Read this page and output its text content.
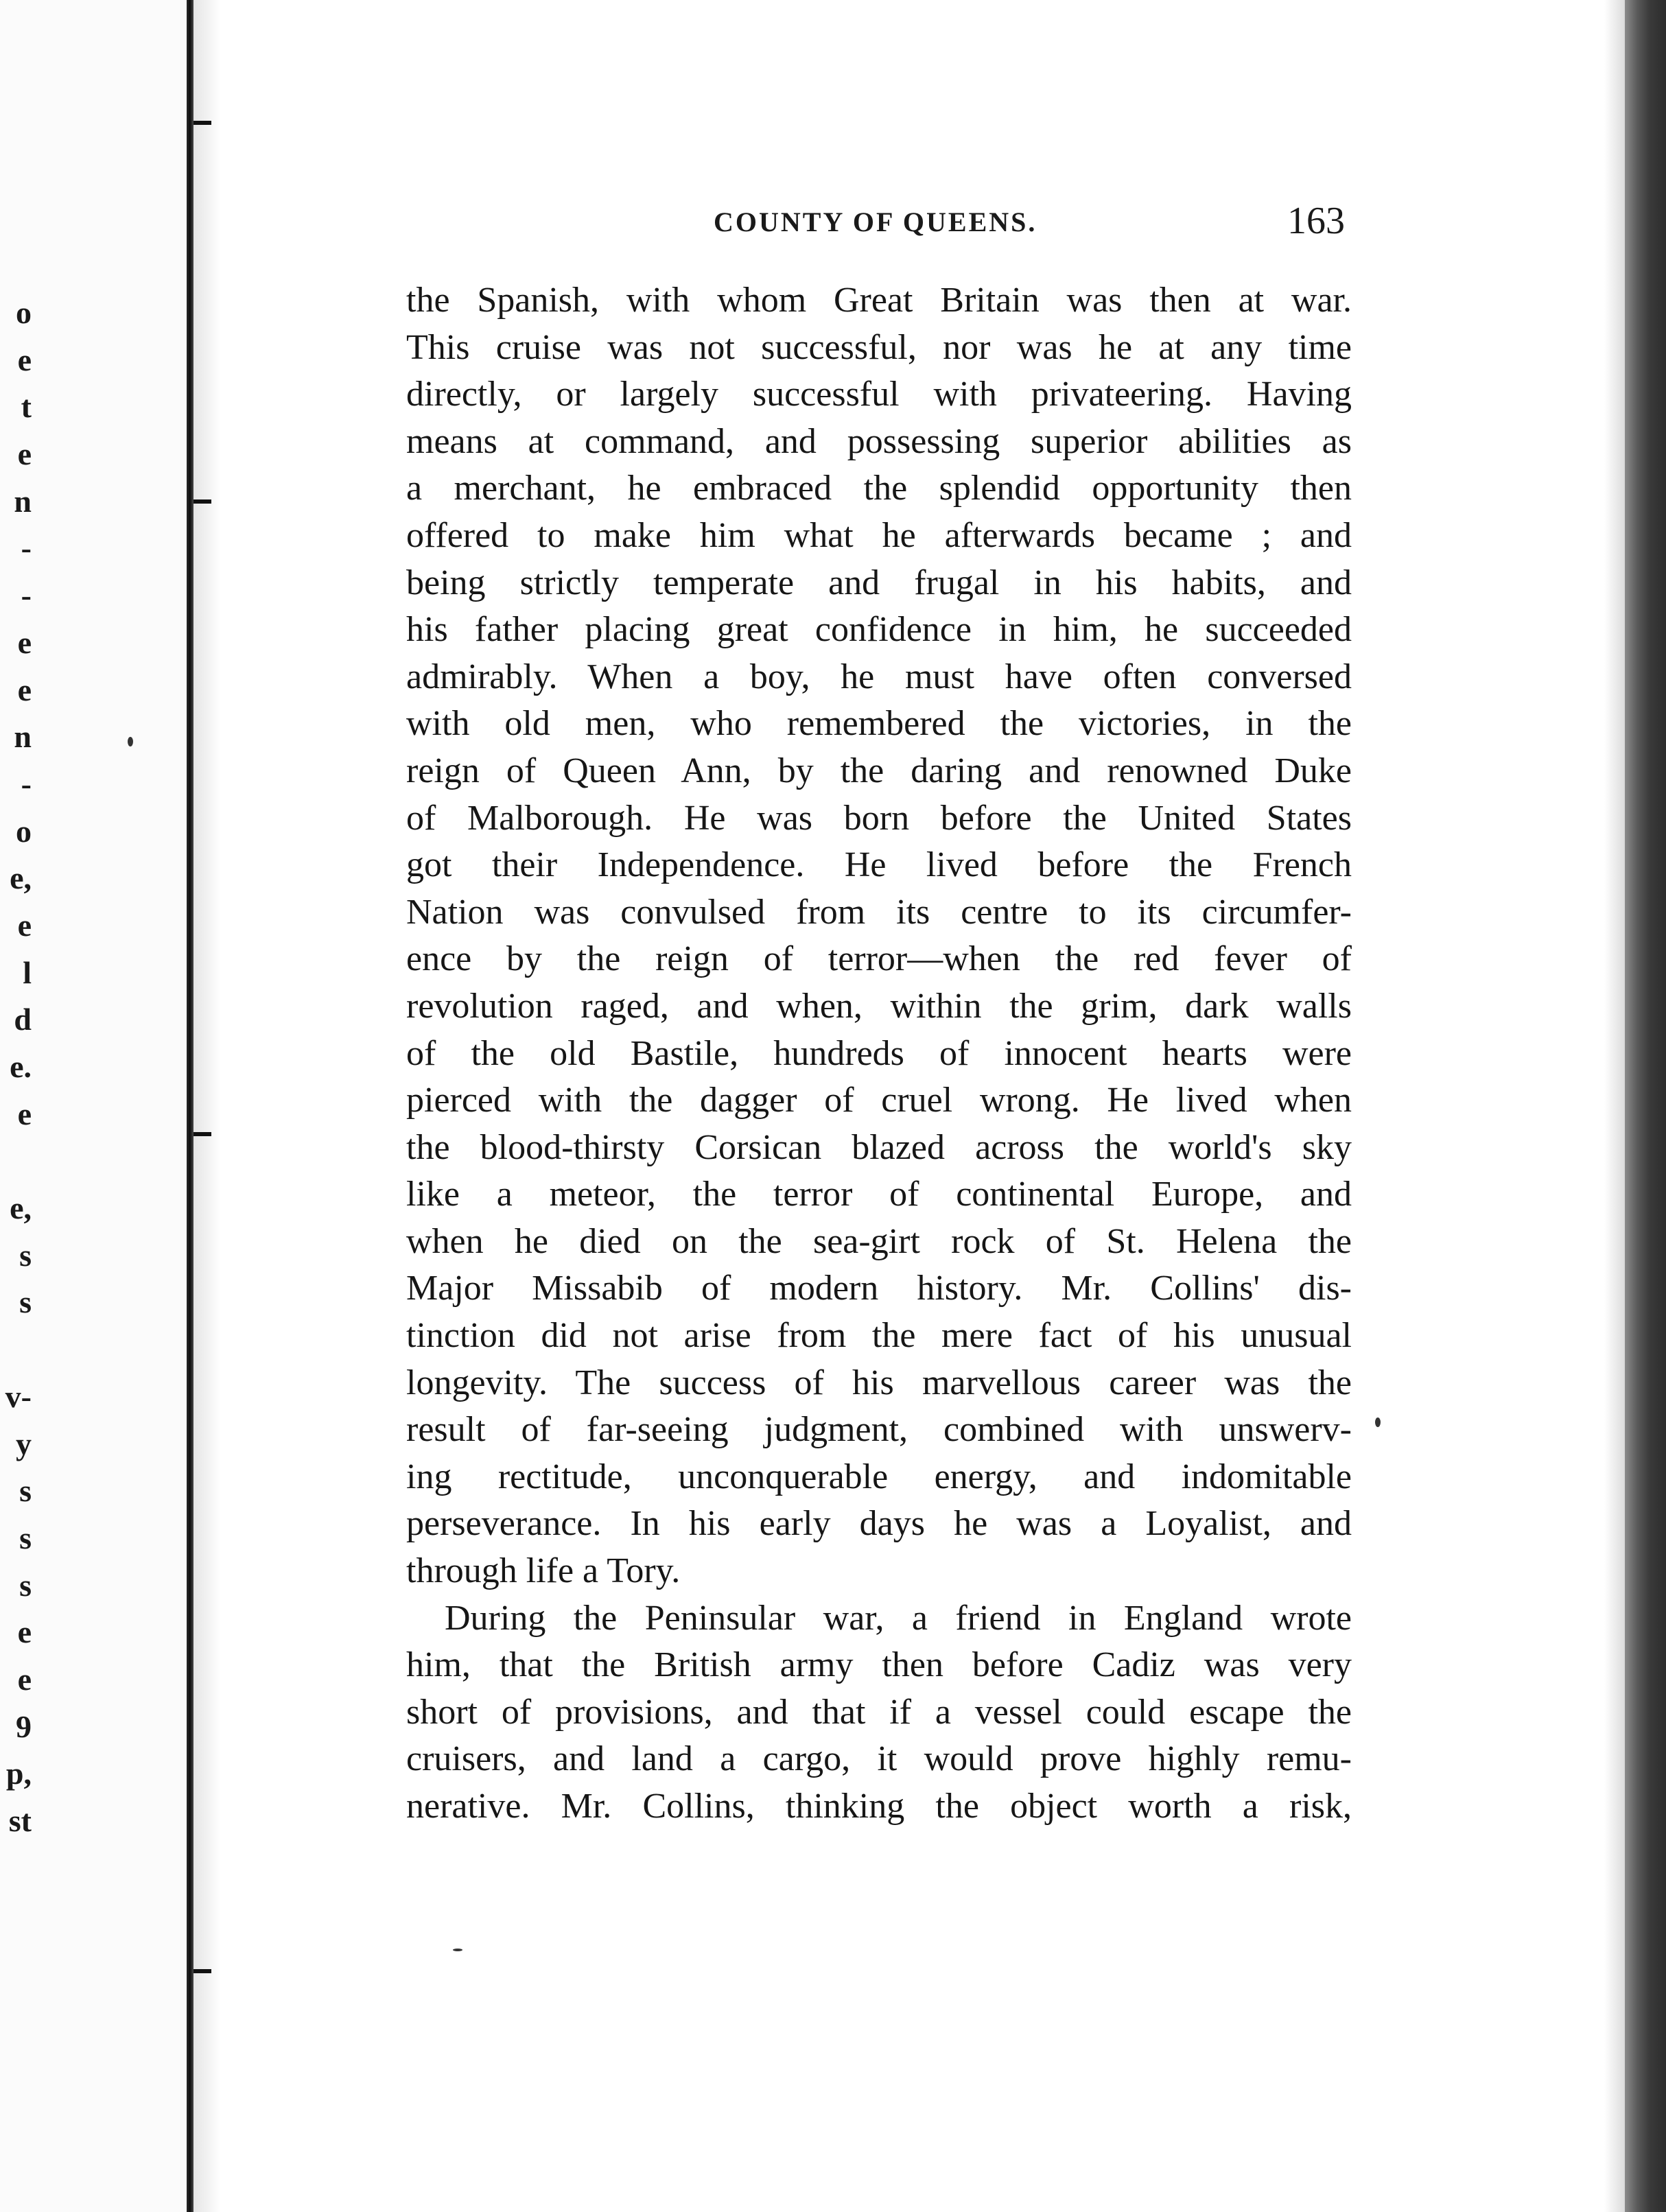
o
e
t
e
n
-
-
e
e
n
-
o
e,
e
l
d
e.
e
e,
s
s
v-
y
s
s
s
e
e
9
p,
st
COUNTY OF QUEENS.	163
the Spanish, with whom Great Britain was then at war.
This cruise was not successful, nor was he at any time
directly, or largely successful with privateering. Having
means at command, and possessing superior abilities as
a merchant, he embraced the splendid opportunity then
offered to make him what he afterwards became ; and
being strictly temperate and frugal in his habits, and
his father placing great confidence in him, he succeeded
admirably. When a boy, he must have often conversed
with old men, who remembered the victories, in the
reign of Queen Ann, by the daring and renowned Duke
of Malborough. He was born before the United States
got their Independence. He lived before the French
Nation was convulsed from its centre to its circumfer-
ence by the reign of terror—when the red fever of
revolution raged, and when, within the grim, dark walls
of the old Bastile, hundreds of innocent hearts were
pierced with the dagger of cruel wrong. He lived when
the blood-thirsty Corsican blazed across the world's sky
like a meteor, the terror of continental Europe, and
when he died on the sea-girt rock of St. Helena the
Major Missabib of modern history. Mr. Collins' dis-
tinction did not arise from the mere fact of his unusual
longevity. The success of his marvellous career was the
result of far-seeing judgment, combined with unswerv-
ing rectitude, unconquerable energy, and indomitable
perseverance. In his early days he was a Loyalist, and
through life a Tory.
During the Peninsular war, a friend in England wrote
him, that the British army then before Cadiz was very
short of provisions, and that if a vessel could escape the
cruisers, and land a cargo, it would prove highly remu-
nerative. Mr. Collins, thinking the object worth a risk,
